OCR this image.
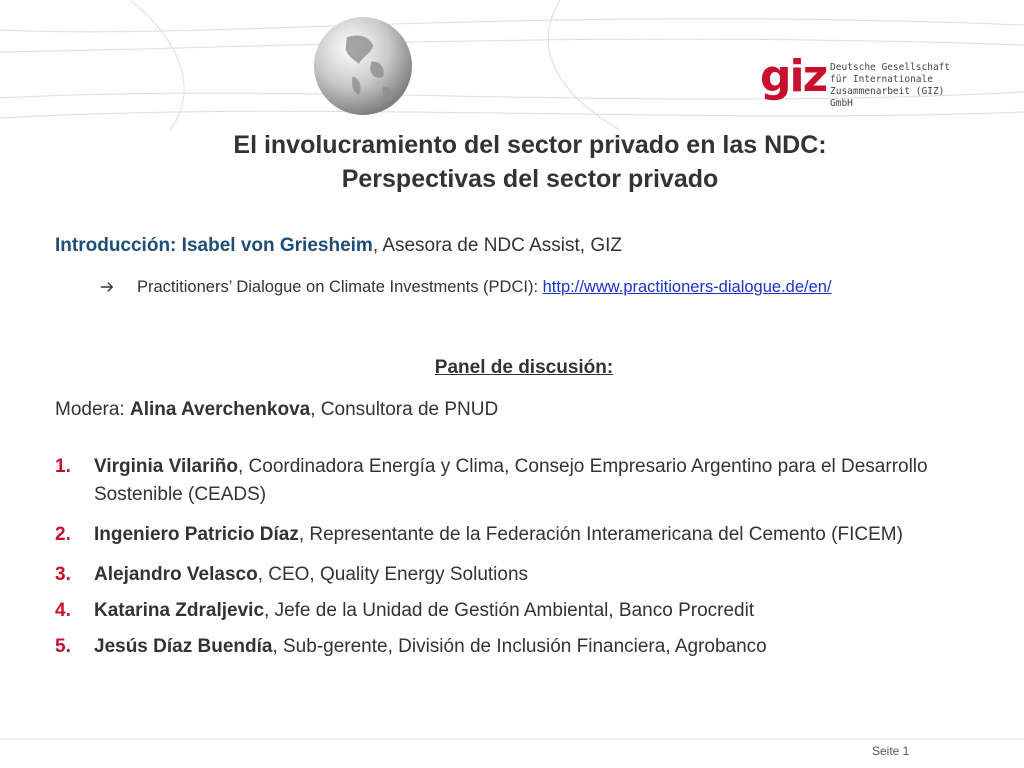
giz Deutsche Gesellschaft
für Internationale
Zusammenarbeit (GIZ) GmbH
El involucramiento del sector privado en las NDC:
Perspectivas del sector privado
Introducción: Isabel von Griesheim, Asesora de NDC Assist, GIZ
Practitioners’ Dialogue on Climate Investments (PDCI): http://www.practitioners-dialogue.de/en/
Panel de discusión:
Modera: Alina Averchenkova, Consultora de PNUD
1. Virginia Vilariño, Coordinadora Energía y Clima, Consejo Empresario Argentino para el Desarrollo Sostenible (CEADS)
2. Ingeniero Patricio Díaz, Representante de la Federación Interamericana del Cemento (FICEM)
3. Alejandro Velasco, CEO, Quality Energy Solutions
4. Katarina Zdraljevic, Jefe de la Unidad de Gestión Ambiental, Banco Procredit
5. Jesús Díaz Buendía, Sub-gerente, División de Inclusión Financiera, Agrobanco
Seite 1
